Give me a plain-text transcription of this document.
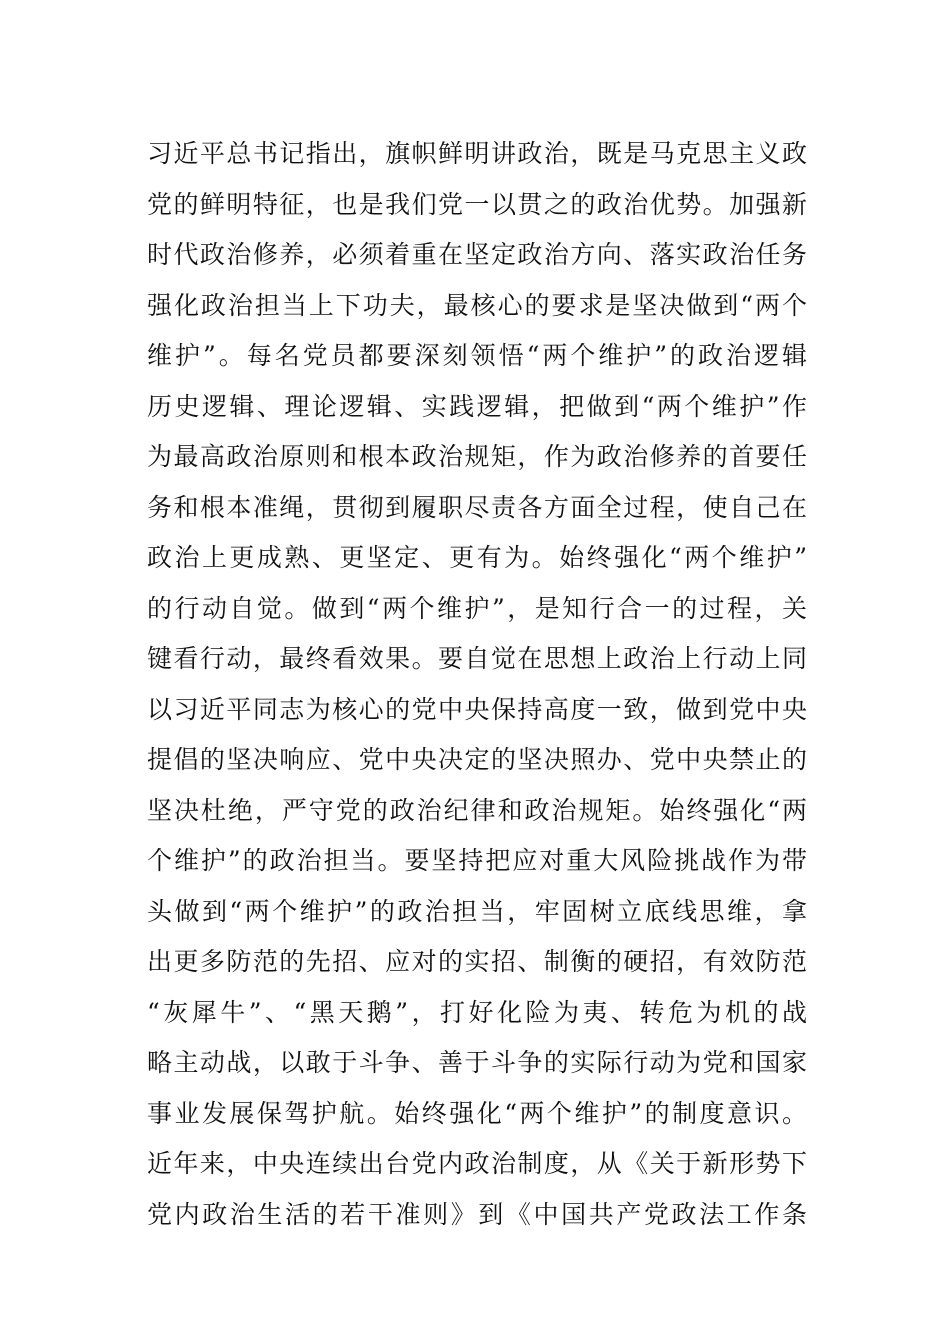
习近平总书记指出，旗帜鲜明讲政治，既是马克思主义政
党的鲜明特征，也是我们党一以贯之的政治优势。加强新
时代政治修养，必须着重在坚定政治方向、落实政治任务
强化政治担当上下功夫，最核心的要求是坚决做到“两个
维护”。每名党员都要深刻领悟“两个维护”的政治逻辑
历史逻辑、理论逻辑、实践逻辑，把做到“两个维护”作
为最高政治原则和根本政治规矩，作为政治修养的首要任
务和根本准绳，贯彻到履职尽责各方面全过程，使自己在
政治上更成熟、更坚定、更有为。始终强化“两个维护”
的行动自觉。做到“两个维护”，是知行合一的过程，关
键看行动，最终看效果。要自觉在思想上政治上行动上同
以习近平同志为核心的党中央保持高度一致，做到党中央
提倡的坚决响应、党中央决定的坚决照办、党中央禁止的
坚决杜绝，严守党的政治纪律和政治规矩。始终强化“两
个维护”的政治担当。要坚持把应对重大风险挑战作为带
头做到“两个维护”的政治担当，牢固树立底线思维，拿
出更多防范的先招、应对的实招、制衡的硬招，有效防范
“灰犀牛”、“黑天鹅”，打好化险为夷、转危为机的战
略主动战，以敢于斗争、善于斗争的实际行动为党和国家
事业发展保驾护航。始终强化“两个维护”的制度意识。
近年来，中央连续出台党内政治制度，从《关于新形势下
党内政治生活的若干准则》到《中国共产党政法工作条
